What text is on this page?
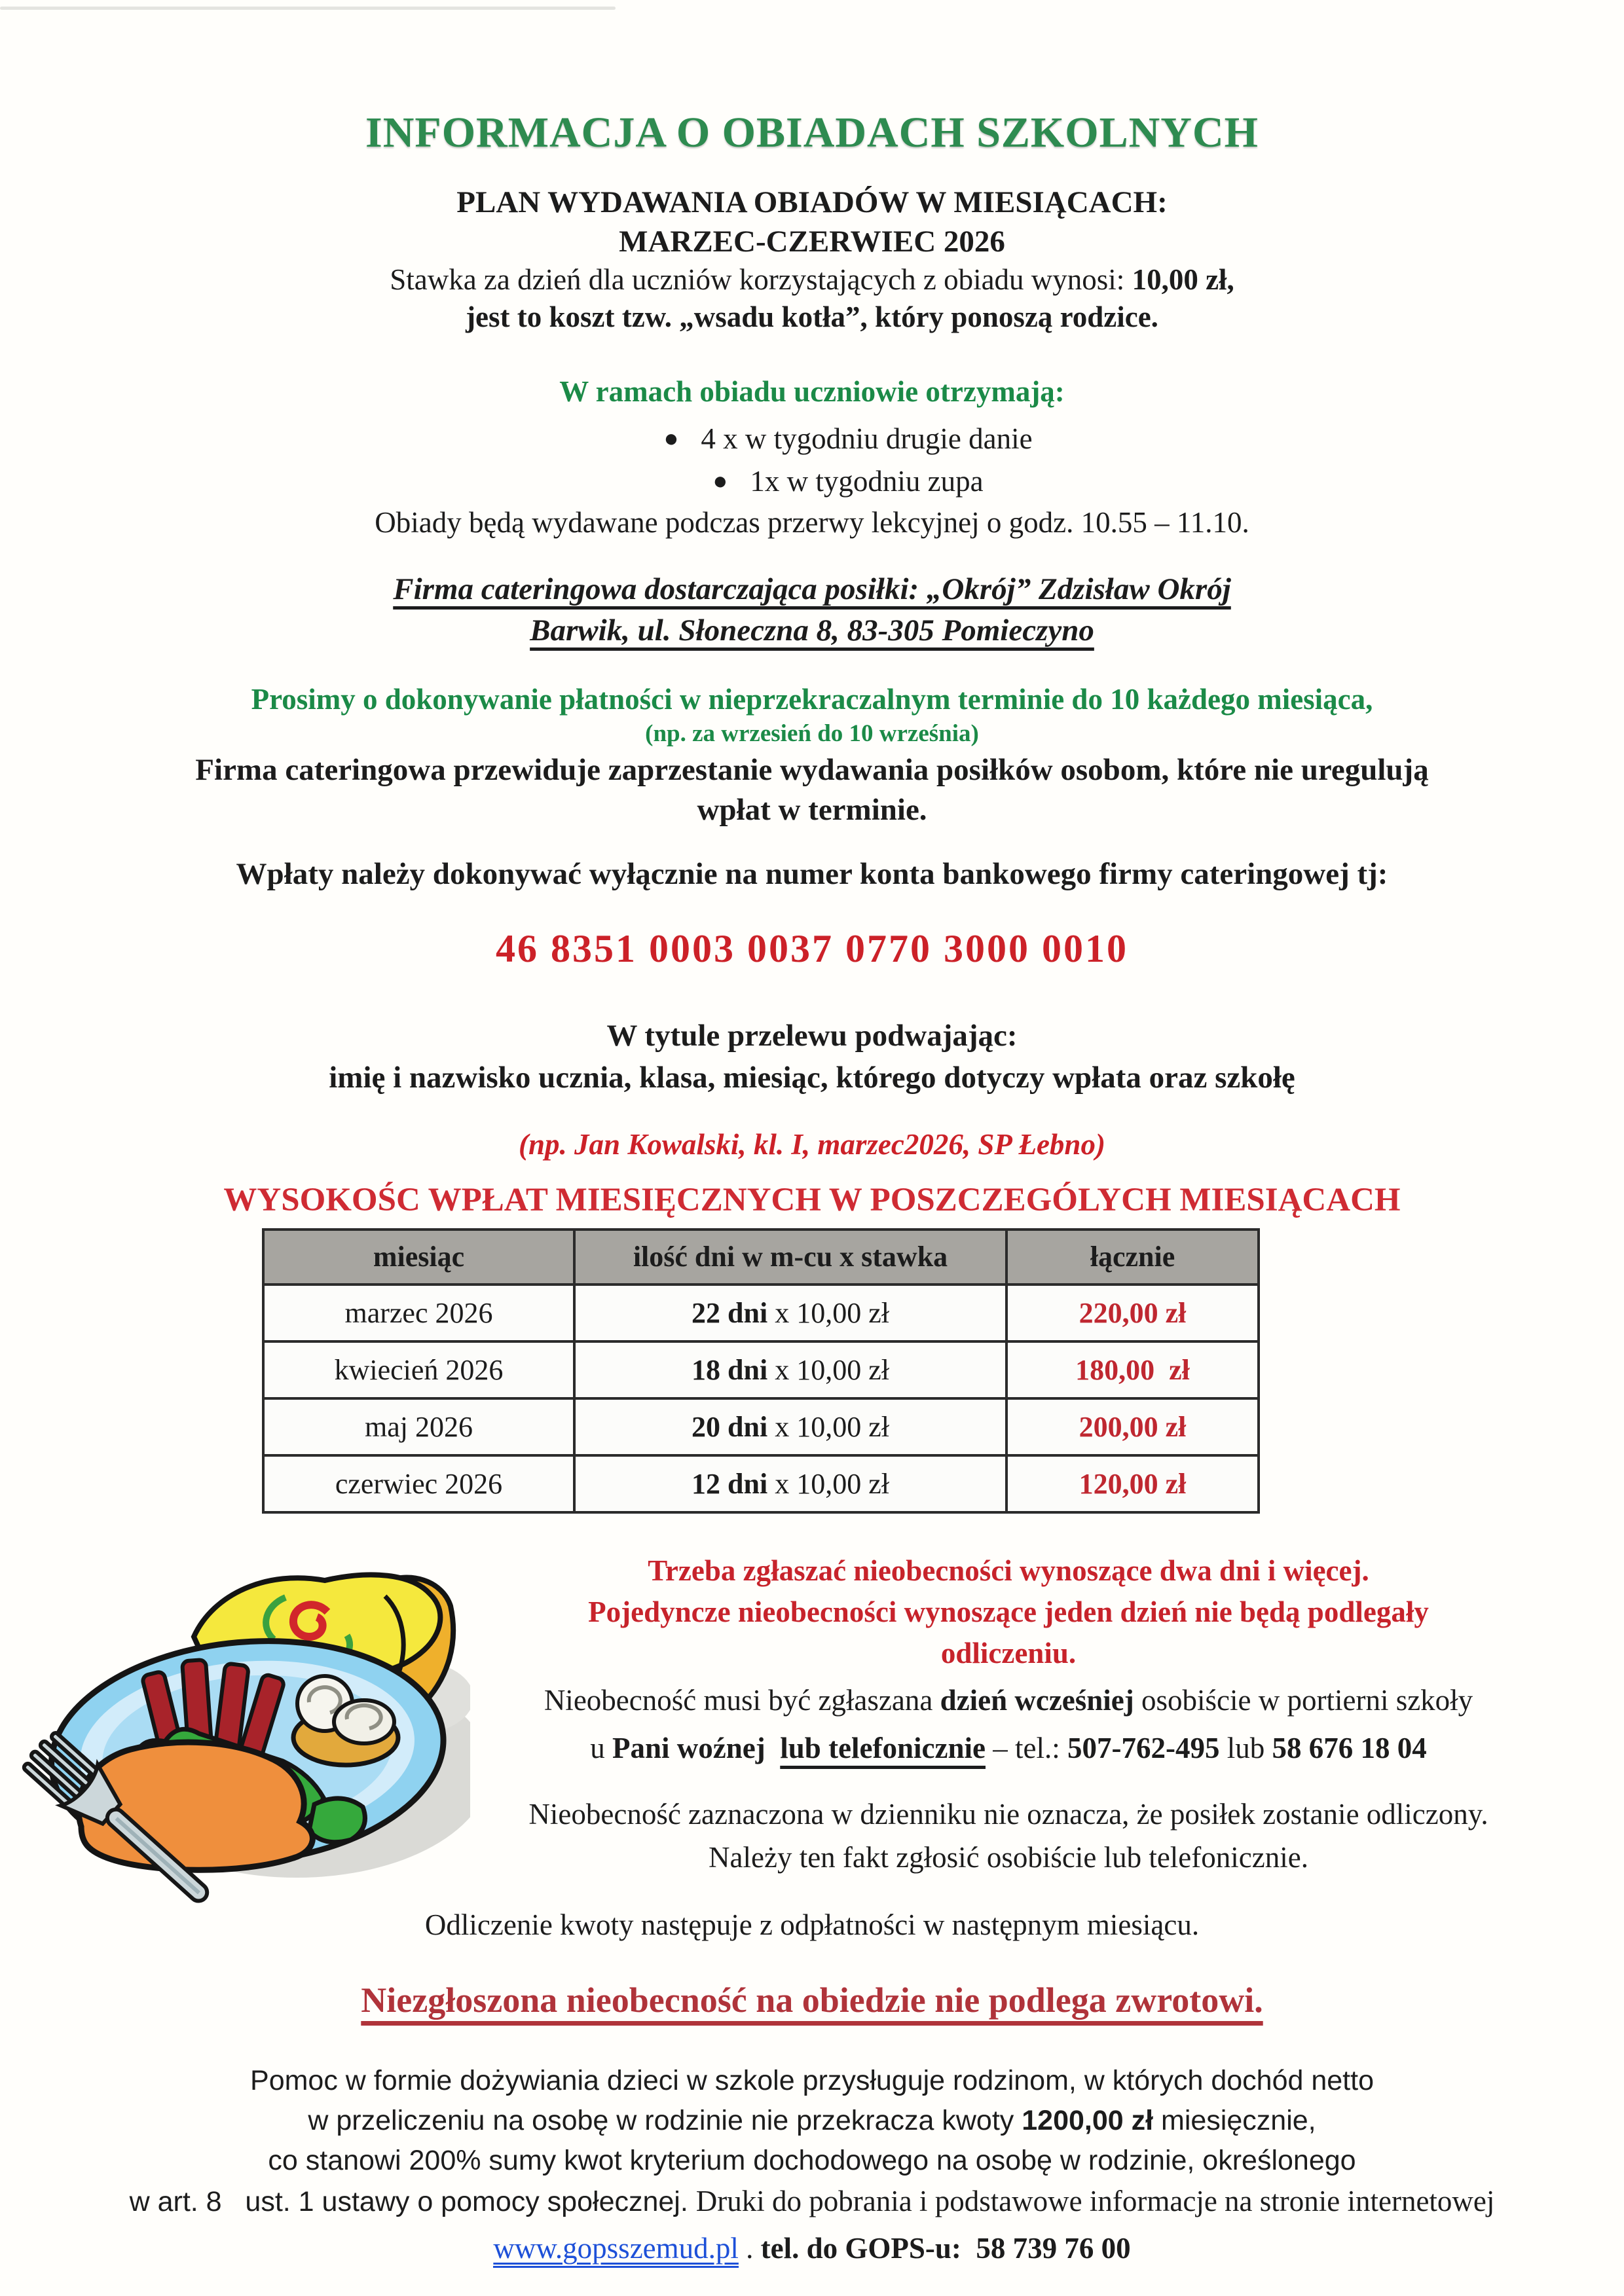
INFORMACJA O OBIADACH SZKOLNYCH
PLAN WYDAWANIA OBIADÓW W MIESIĄCACH:
MARZEC-CZERWIEC 2026
Stawka za dzień dla uczniów korzystających z obiadu wynosi: 10,00 zł,
jest to koszt tzw. „wsadu kotła”, który ponoszą rodzice.
W ramach obiadu uczniowie otrzymają:
● 4 x w tygodniu drugie danie
● 1x w tygodniu zupa
Obiady będą wydawane podczas przerwy lekcyjnej o godz. 10.55 – 11.10.
Firma cateringowa dostarczająca posiłki: „Okrój” Zdzisław Okrój
Barwik, ul. Słoneczna 8, 83-305 Pomieczyno
Prosimy o dokonywanie płatności w nieprzekraczalnym terminie do 10 każdego miesiąca,
(np. za wrzesień do 10 września)
Firma cateringowa przewiduje zaprzestanie wydawania posiłków osobom, które nie uregulują
wpłat w terminie.
Wpłaty należy dokonywać wyłącznie na numer konta bankowego firmy cateringowej tj:
46 8351 0003 0037 0770 3000 0010
W tytule przelewu podwajając:
imię i nazwisko ucznia, klasa, miesiąc, którego dotyczy wpłata oraz szkołę
(np. Jan Kowalski, kl. I, marzec2026, SP Łebno)
WYSOKOŚC WPŁAT MIESIĘCZNYCH W POSZCZEGÓLYCH MIESIĄCACH
miesiąc	ilość dni w m-cu x stawka	łącznie
marzec 2026	22 dni x 10,00 zł	220,00 zł
kwiecień 2026	18 dni x 10,00 zł	180,00  zł
maj 2026	20 dni x 10,00 zł	200,00 zł
czerwiec 2026	12 dni x 10,00 zł	120,00 zł
Trzeba zgłaszać nieobecności wynoszące dwa dni i więcej.
Pojedyncze nieobecności wynoszące jeden dzień nie będą podlegały
odliczeniu.
Nieobecność musi być zgłaszana dzień wcześniej osobiście w portierni szkoły
u Pani woźnej lub telefonicznie – tel.: 507-762-495 lub 58 676 18 04
Nieobecność zaznaczona w dzienniku nie oznacza, że posiłek zostanie odliczony.
Należy ten fakt zgłosić osobiście lub telefonicznie.
Odliczenie kwoty następuje z odpłatności w następnym miesiącu.
Niezgłoszona nieobecność na obiedzie nie podlega zwrotowi.
Pomoc w formie dożywiania dzieci w szkole przysługuje rodzinom, w których dochód netto
w przeliczeniu na osobę w rodzinie nie przekracza kwoty 1200,00 zł miesięcznie,
co stanowi 200% sumy kwot kryterium dochodowego na osobę w rodzinie, określonego
w art. 8   ust. 1 ustawy o pomocy społecznej. Druki do pobrania i podstawowe informacje na stronie internetowej
www.gopsszemud.pl . tel. do GOPS-u:  58 739 76 00
